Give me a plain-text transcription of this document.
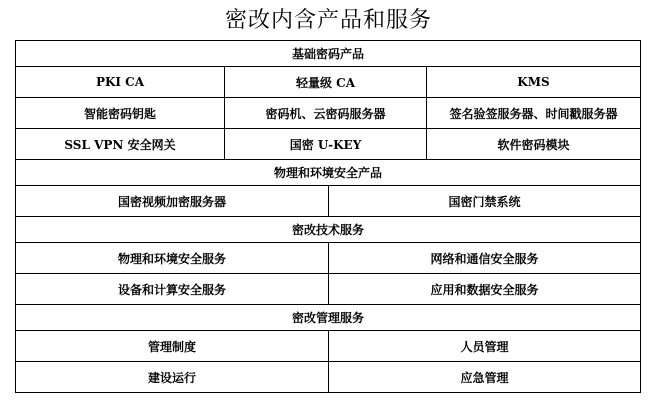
密改内含产品和服务
基础密码产品
PKI CA	轻量级 CA	KMS
智能密码钥匙	密码机、云密码服务器	签名验签服务器、时间戳服务器
SSL VPN 安全网关	国密 U-KEY	软件密码模块
物理和环境安全产品
国密视频加密服务器	国密门禁系统
密改技术服务
物理和环境安全服务	网络和通信安全服务
设备和计算安全服务	应用和数据安全服务
密改管理服务
管理制度	人员管理
建设运行	应急管理
